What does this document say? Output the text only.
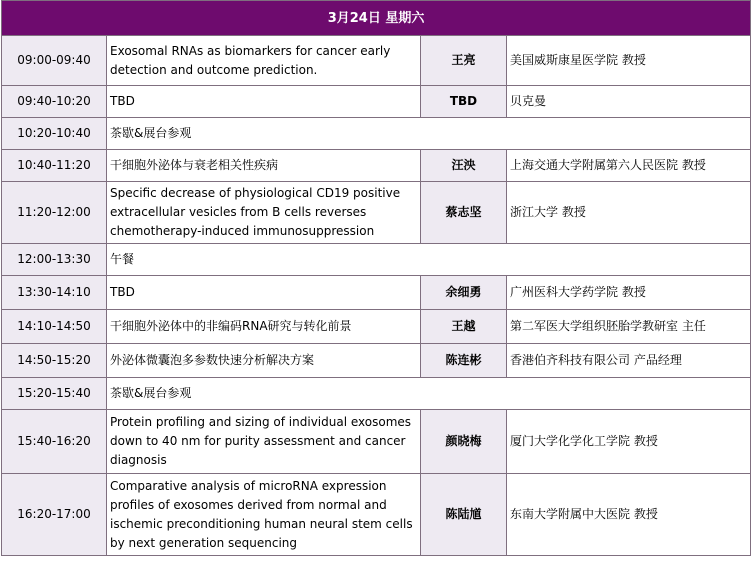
3月24日 星期六			
09:00-09:40	Exosomal RNAs as biomarkers for cancer early detection and outcome prediction.	王亮	美国威斯康星医学院 教授
09:40-10:20	TBD	TBD	贝克曼
10:20-10:40	茶歇&展台参观		
10:40-11:20	干细胞外泌体与衰老相关性疾病	汪泱	上海交通大学附属第六人民医院 教授
11:20-12:00	Specific decrease of physiological CD19 positive extracellular vesicles from B cells reverses chemotherapy-induced immunosuppression	蔡志坚	浙江大学 教授
12:00-13:30	午餐		
13:30-14:10	TBD	余细勇	广州医科大学药学院 教授
14:10-14:50	干细胞外泌体中的非编码RNA研究与转化前景	王越	第二军医大学组织胚胎学教研室 主任
14:50-15:20	外泌体微囊泡多参数快速分析解决方案	陈连彬	香港伯齐科技有限公司 产品经理
15:20-15:40	茶歇&展台参观		
15:40-16:20	Protein profiling and sizing of individual exosomes down to 40 nm for purity assessment and cancer diagnosis	颜晓梅	厦门大学化学化工学院 教授
16:20-17:00	Comparative analysis of microRNA expression profiles of exosomes derived from normal and ischemic preconditioning human neural stem cells by next generation sequencing	陈陆馗	东南大学附属中大医院 教授
